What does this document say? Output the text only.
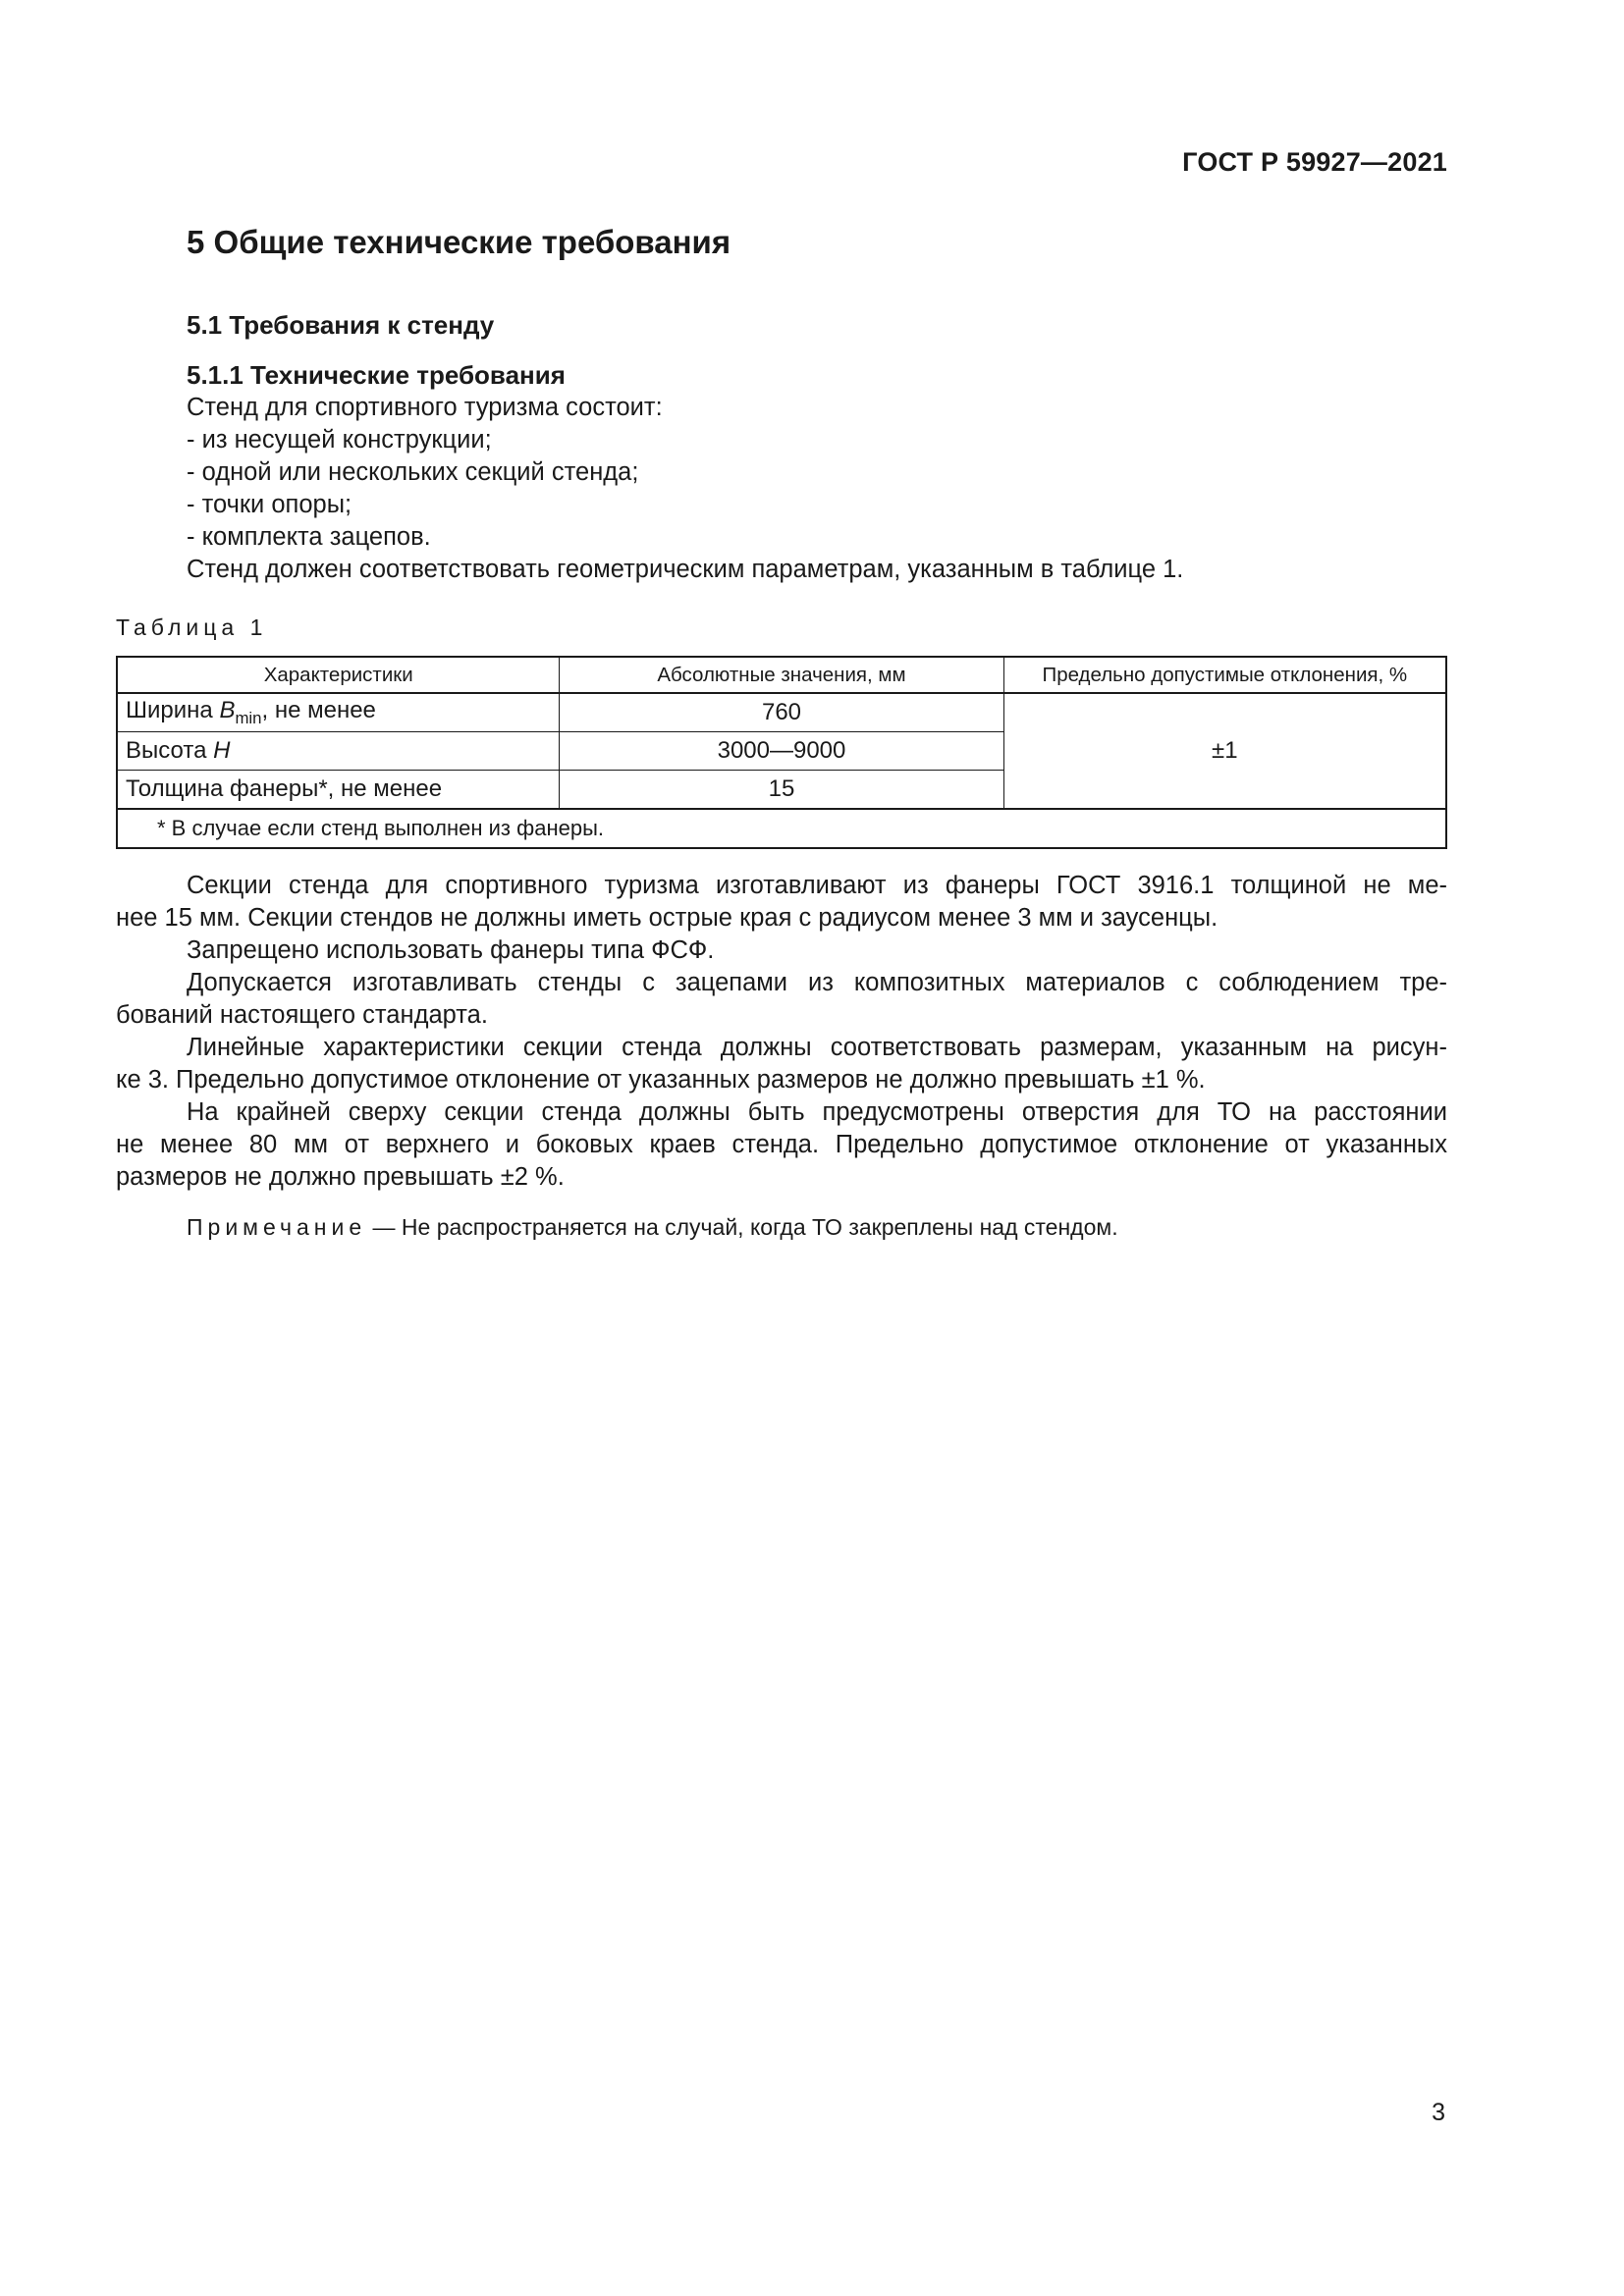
ГОСТ Р 59927—2021
5 Общие технические требования
5.1 Требования к стенду
5.1.1 Технические требования
Стенд для спортивного туризма состоит:
- из несущей конструкции;
- одной или нескольких секций стенда;
- точки опоры;
- комплекта зацепов.
Стенд должен соответствовать геометрическим параметрам, указанным в таблице 1.
Таблица 1
Характеристики	Абсолютные значения, мм	Предельно допустимые отклонения, %
Ширина $B_{min}$, не менее	760	±1
Высота H	3000—9000	
Толщина фанеры*, не менее	15	
* В случае если стенд выполнен из фанеры.		
Секции стенда для спортивного туризма изготавливают из фанеры ГОСТ 3916.1 толщиной не ме-
нее 15 мм. Секции стендов не должны иметь острые края с радиусом менее 3 мм и заусенцы.
Запрещено использовать фанеры типа ФСФ.
Допускается изготавливать стенды с зацепами из композитных материалов с соблюдением тре-
бований настоящего стандарта.
Линейные характеристики секции стенда должны соответствовать размерам, указанным на рисун-
ке 3. Предельно допустимое отклонение от указанных размеров не должно превышать ±1 %.
На крайней сверху секции стенда должны быть предусмотрены отверстия для ТО на расстоянии
не менее 80 мм от верхнего и боковых краев стенда. Предельно допустимое отклонение от указанных
размеров не должно превышать ±2 %.
Примечание — Не распространяется на случай, когда ТО закреплены над стендом.
3
